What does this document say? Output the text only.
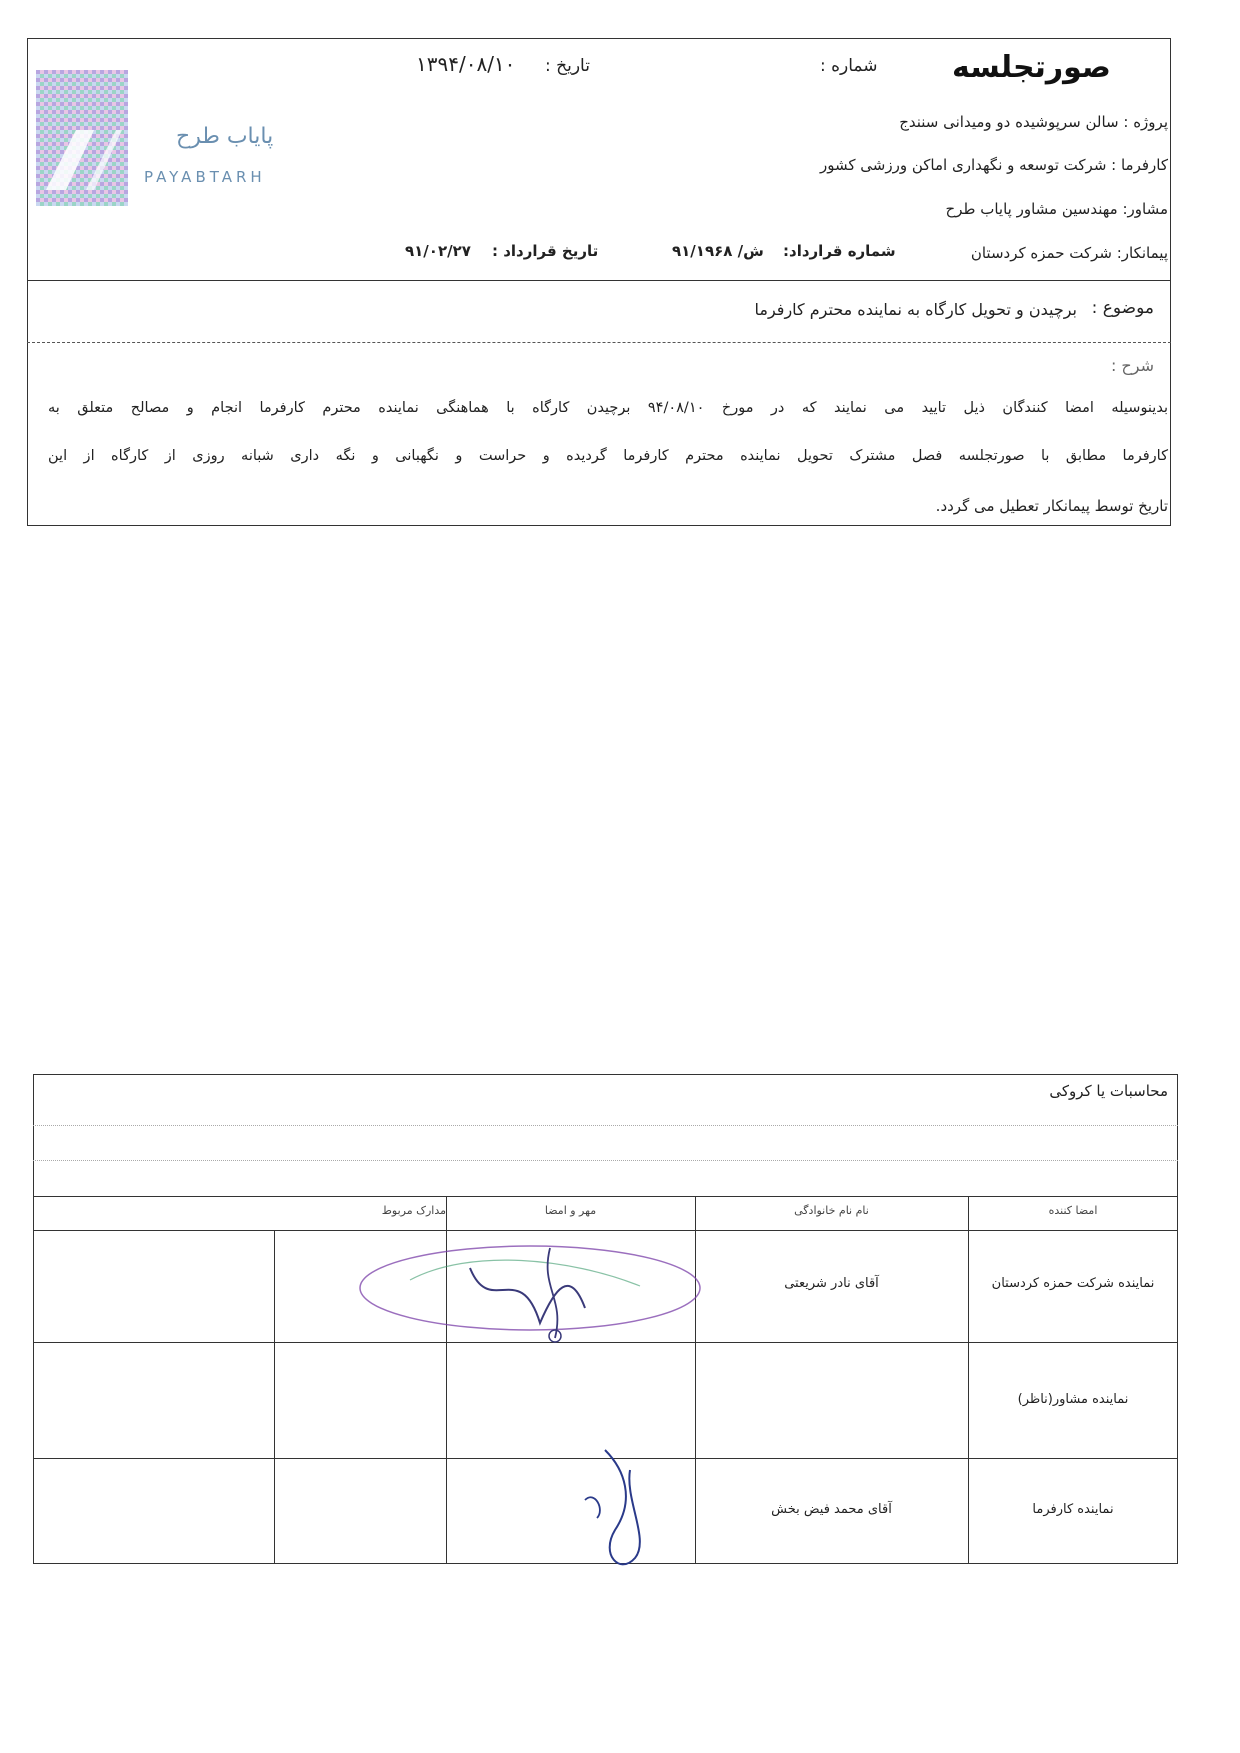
پایاب طرح
PAYABTARH
صورتجلسه
شماره :
تاریخ :
۱۳۹۴/۰۸/۱۰
پروژه : سالن سرپوشیده دو ومیدانی سنندج
کارفرما : شرکت توسعه و نگهداری اماکن ورزشی کشور
مشاور: مهندسین مشاور پایاب طرح
پیمانکار: شرکت حمزه کردستان
شماره قرارداد:
۹۱/۱۹۶۸ /ش
تاریخ قرارداد :
۹۱/۰۲/۲۷
موضوع :
برچیدن و تحویل کارگاه به نماینده محترم کارفرما
شرح :
بدینوسیله امضا کنندگان ذیل تایید می نمایند که در مورخ ۹۴/۰۸/۱۰ برچیدن کارگاه با هماهنگی نماینده محترم کارفرما انجام و مصالح متعلق به
کارفرما مطابق با صورتجلسه فصل مشترک تحویل نماینده محترم کارفرما گردیده و حراست و نگهبانی و نگه داری شبانه روزی از کارگاه از این
تاریخ توسط پیمانکار تعطیل می گردد.
محاسبات یا کروکی
امضا کننده
نام نام خانوادگی
مهر و امضا
مدارک مربوط
نماینده شرکت حمزه کردستان
آقای نادر شریعتی
نماینده مشاور(ناظر)
نماینده کارفرما
آقای محمد فیض بخش
